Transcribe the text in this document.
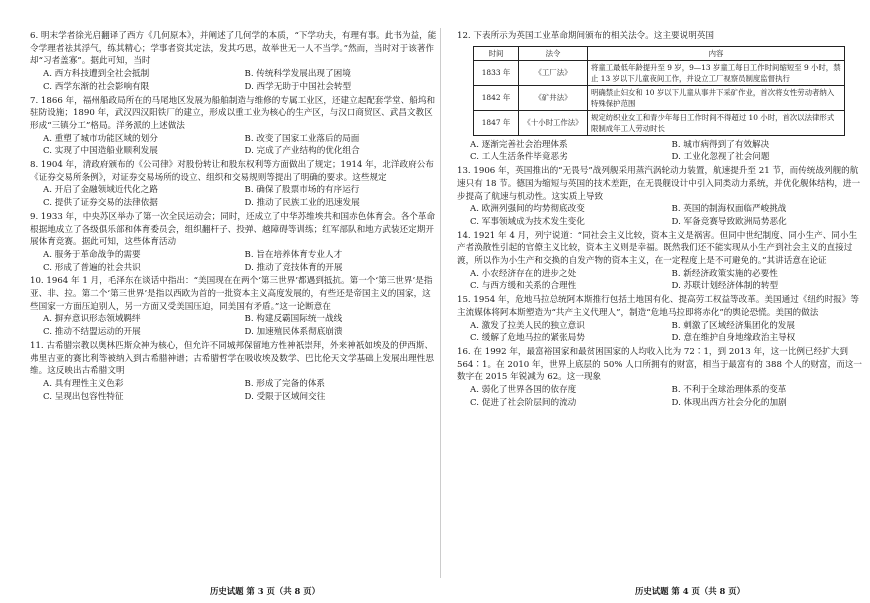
6. 明末学者徐光启翻译了西方《几何原本》，并阐述了几何学的本质，“下学功夫，有理有事。此书为益，能令学理者祛其浮气，练其精心；学事者资其定法，发其巧思，故举世无一人不当学。”然而，当时对于该著作却“习者盖寡”。据此可知，当时
A. 西方科技遭到全社会抵制	B. 传统科学发展出现了困境
C. 西学东渐的社会影响有限	D. 西学无助于中国社会转型
7. 1866 年，福州船政局所在的马尾地区发展为船舶制造与维修的专属工业区，还建立起配套学堂、船坞和驻防设施；1890 年，武汉四汉阳铁厂的建立，形成以重工业为核心的生产区，与汉口商贸区、武昌文教区形成“三镇分工”格局。洋务派的上述做法
A. 重塑了城市功能区域的划分	B. 改变了国家工业落后的局面
C. 实现了中国造船业顺利发展	D. 完成了产业结构的优化组合
8. 1904 年，清政府颁布的《公司律》对股份转让和股东权利等方面做出了规定；1914 年，北洋政府公布《证券交易所条例》，对证券交易场所的设立、组织和交易规则等提出了明确的要求。这些规定
A. 开启了金融领域近代化之路	B. 确保了股票市场的有序运行
C. 提供了证券交易的法律依据	D. 推动了民族工业的迅速发展
9. 1933 年，中央苏区举办了第一次全民运动会；同时，还成立了中华苏维埃共和国赤色体育会。各个革命根据地成立了各级俱乐部和体育委员会，组织翻杆子、投弹、越障碍等训练；红军部队和地方武装还定期开展体育竞赛。据此可知，这些体育活动
A. 服务于革命战争的需要	B. 旨在培养体育专业人才
C. 形成了普遍的社会共识	D. 推动了竞技体育的开展
10. 1964 年 1 月，毛泽东在谈话中指出：“美国现在在两个‘第三世界’都遇到抵抗。第一个‘第三世界’是指亚、非、拉。第二个‘第三世界’是指以西欧为首的一批资本主义高度发展的，有些还是帝国主义的国家，这些国家一方面压迫别人，另一方面又受美国压迫，同美国有矛盾。”这一论断意在
A. 摒弃意识形态领域羁绊	B. 构建反霸国际统一战线
C. 推动不结盟运动的开展	D. 加速殖民体系彻底崩溃
11. 古希腊宗教以奥林匹斯众神为核心，但允许不同城邦保留地方性神祇崇拜，外来神祇如埃及的伊西斯、弗里吉亚的赛比利等被纳入到古希腊神谱；古希腊哲学在吸收埃及数学、巴比伦天文学基础上发展出理性思维。这反映出古希腊文明
A. 具有理性主义色彩	B. 形成了完备的体系
C. 呈现出包容性特征	D. 受限于区域间交往
12. 下表所示为英国工业革命期间颁布的相关法令。这主要说明英国
时间	法令	内容
1833 年	《工厂法》	将童工最低年龄提升至 9 岁，9—13 岁童工每日工作时间缩短至 9 小时，禁止 13 岁以下儿童夜间工作，并设立工厂视察员制度监督执行
1842 年	《矿井法》	明确禁止妇女和 10 岁以下儿童从事井下采矿作业，首次将女性劳动者纳入特殊保护范围
1847 年	《十小时工作法》	规定纺织业女工和青少年每日工作时间不得超过 10 小时，首次以法律形式限制成年工人劳动时长
A. 逐渐完善社会治理体系	B. 城市病得到了有效解决
C. 工人生活条件毕竟恶劣	D. 工业化忽视了社会问题
13. 1906 年，英国推出的“无畏号”战列舰采用蒸汽涡轮动力装置，航速提升至 21 节，而传统战列舰的航速只有 18 节。德国为缩短与英国的技术差距，在无畏舰设计中引入同类动力系统，并优化舰体结构，进一步提高了航速与机动性。这实质上导致
A. 欧洲列强间的均势彻底改变	B. 英国的制海权面临严峻挑战
C. 军事领域成为技术发生变化	D. 军备竞赛导致欧洲局势恶化
14. 1921 年 4 月，列宁说道：“同社会主义比较，资本主义是祸害。但同中世纪制度、同小生产、同小生产者涣散性引起的官僚主义比较，资本主义则是幸福。既然我们还不能实现从小生产到社会主义的直接过渡，所以作为小生产和交换的自发产物的资本主义，在一定程度上是不可避免的。”其讲话意在论证
A. 小农经济存在的进步之处	B. 新经济政策实施的必要性
C. 与西方缓和关系的合理性	D. 苏联计划经济体制的转型
15. 1954 年，危地马拉总统阿本斯推行包括土地国有化、提高劳工权益等改革。美国通过《纽约时报》等主流媒体将阿本斯塑造为“共产主义代理人”，制造“危地马拉即将赤化”的舆论恐慌。美国的做法
A. 激发了拉美人民的独立意识	B. 刺激了区域经济集团化的发展
C. 缓解了危地马拉的紧张局势	D. 意在维护自身地缘政治主导权
16. 在 1992 年，最富裕国家和最贫困国家的人均收入比为 72∶1，到 2013 年，这一比例已经扩大到 564∶1。在 2010 年，世界上底层的 50% 人口所拥有的财富，相当于最富有的 388 个人的财富，而这一数字在 2015 年锐减为 62。这一现象
A. 弱化了世界各国的依存度	B. 不利于全球治理体系的变革
C. 促进了社会阶层间的流动	D. 体现出西方社会分化的加剧
历史试题 第 3 页（共 8 页）	历史试题 第 4 页（共 8 页）
